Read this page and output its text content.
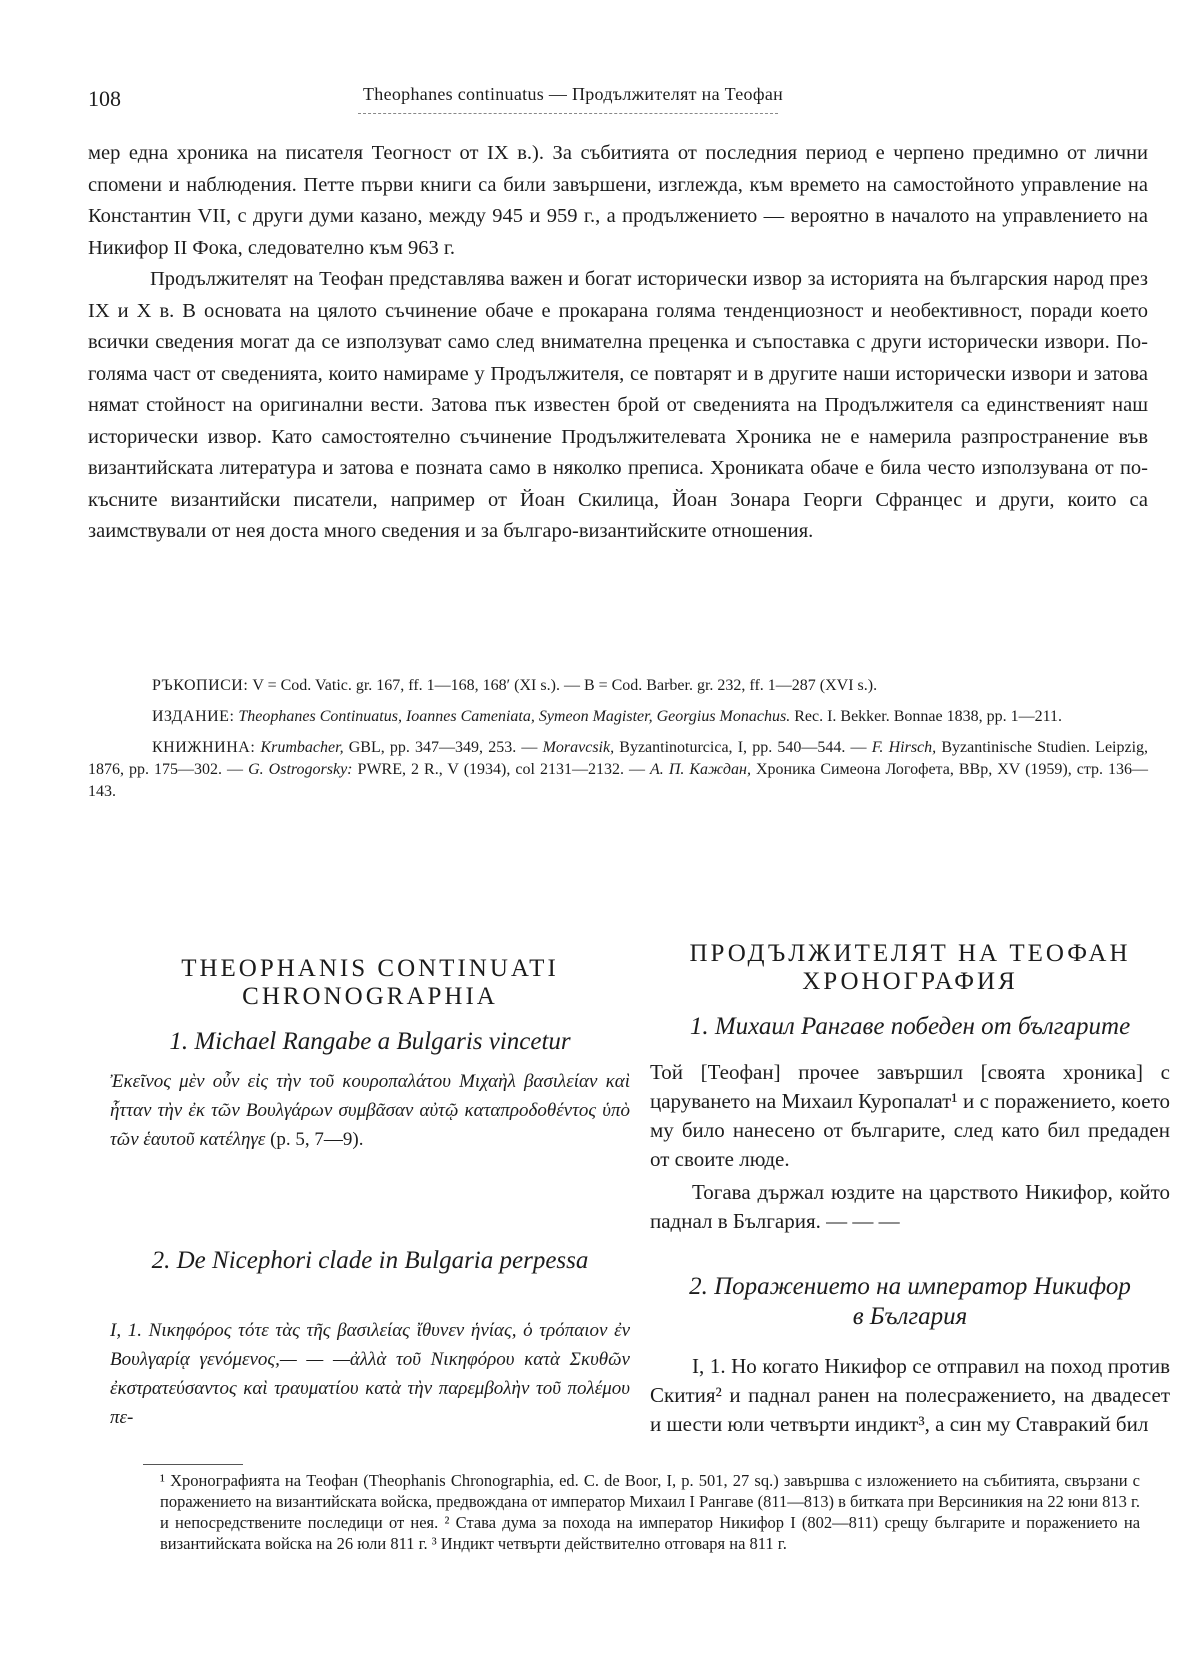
108	Theophanes continuatus — Продължителят на Теофан

мер една хроника на писателя Теогност от IX в.). За събитията от последния период е черпено предимно от лични спомени и наблюдения. Петте първи книги са били завършени, изглежда, към времето на самостойното управление на Константин VII, с други думи казано, между 945 и 959 г., а продължението — вероятно в началото на управлението на Никифор II Фока, следователно към 963 г.

Продължителят на Теофан представлява важен и богат исторически извор за историята на българския народ през IX и X в. В основата на цялото съчинение обаче е прокарана голяма тенденциозност и необективност, поради което всички сведения могат да се използуват само след внимателна преценка и съпоставка с други исторически извори. По-голяма част от сведенията, които намираме у Продължителя, се повтарят и в другите наши исторически извори и затова нямат стойност на оригинални вести. Затова пък известен брой от сведенията на Продължителя са единственият наш исторически извор. Като самостоятелно съчинение Продължителевата Хроника не е намерила разпространение във византийската литература и затова е позната само в няколко преписа. Хрониката обаче е била често използувана от по-късните византийски писатели, например от Йоан Скилица, Йоан Зонара Георги Сфранцес и други, които са заимствували от нея доста много сведения и за българо-византийските отношения.

РЪКОПИСИ: V = Cod. Vatic. gr. 167, ff. 1—168, 168′ (XI s.). — B = Cod. Barber. gr. 232, ff. 1—287 (XVI s.).

ИЗДАНИЕ: Theophanes Continuatus, Ioannes Cameniata, Symeon Magister, Georgius Monachus. Rec. I. Bekker. Bonnae 1838, pp. 1—211.

КНИЖНИНА: Krumbacher, GBL, pp. 347—349, 253. — Moravcsik, Byzantinoturcica, I, pp. 540—544. — F. Hirsch, Byzantinische Studien. Leipzig, 1876, pp. 175—302. — G. Ostrogorsky: PWRE, 2 R., V (1934), col 2131—2132. — А. П. Каждан, Хроника Симеона Логофета, ВВр, XV (1959), стр. 136—143.

THEOPHANIS CONTINUATI
CHRONOGRAPHIA

1. Michael Rangabe a Bulgaris vincetur

Ἐκεῖνος μὲν οὖν εἰς τὴν τοῦ κουροπαλάτου Μιχαὴλ βασιλείαν καὶ ἧτταν τὴν ἐκ τῶν Βουλγάρων συμβᾶσαν αὐτῷ καταπροδοθέντος ὑπὸ τῶν ἑαυτοῦ κατέληγε (p. 5, 7—9).

2. De Nicephori clade in Bulgaria perpessa

I, 1. Νικηφόρος τότε τὰς τῆς βασιλείας ἴθυνεν ἡνίας, ὁ τρόπαιον ἐν Βουλγαρίᾳ γενόμενος,— — —ἀλλὰ τοῦ Νικηφόρου κατὰ Σκυθῶν ἐκστρατεύσαντος καὶ τραυματίου κατὰ τὴν παρεμβολὴν τοῦ πολέμου πε-

ПРОДЪЛЖИТЕЛЯТ НА ТЕОФАН
ХРОНОГРАФИЯ

1. Михаил Рангаве победен от българите

Той [Теофан] прочее завършил [своята хроника] с царуването на Михаил Куропалат¹ и с поражението, което му било нанесено от българите, след като бил предаден от своите люде.

Тогава държал юздите на царството Никифор, който паднал в България. — — —

2. Поражението на император Никифор

в България

I, 1. Но когато Никифор се отправил на поход против Скития² и паднал ранен на полесражението, на двадесет и шести юли четвърти индикт³, а син му Ставракий бил

¹ Хронографията на Теофан (Theophanis Chronographia, ed. C. de Boor, I, p. 501, 27 sq.) завършва с изложението на събитията, свързани с поражението на византийската войска, предвождана от император Михаил I Рангаве (811—813) в битката при Версиникия на 22 юни 813 г. и непосредствените последици от нея. ² Става дума за похода на император Никифор I (802—811) срещу българите и поражението на византийската войска на 26 юли 811 г. ³ Индикт четвърти действително отговаря на 811 г.
